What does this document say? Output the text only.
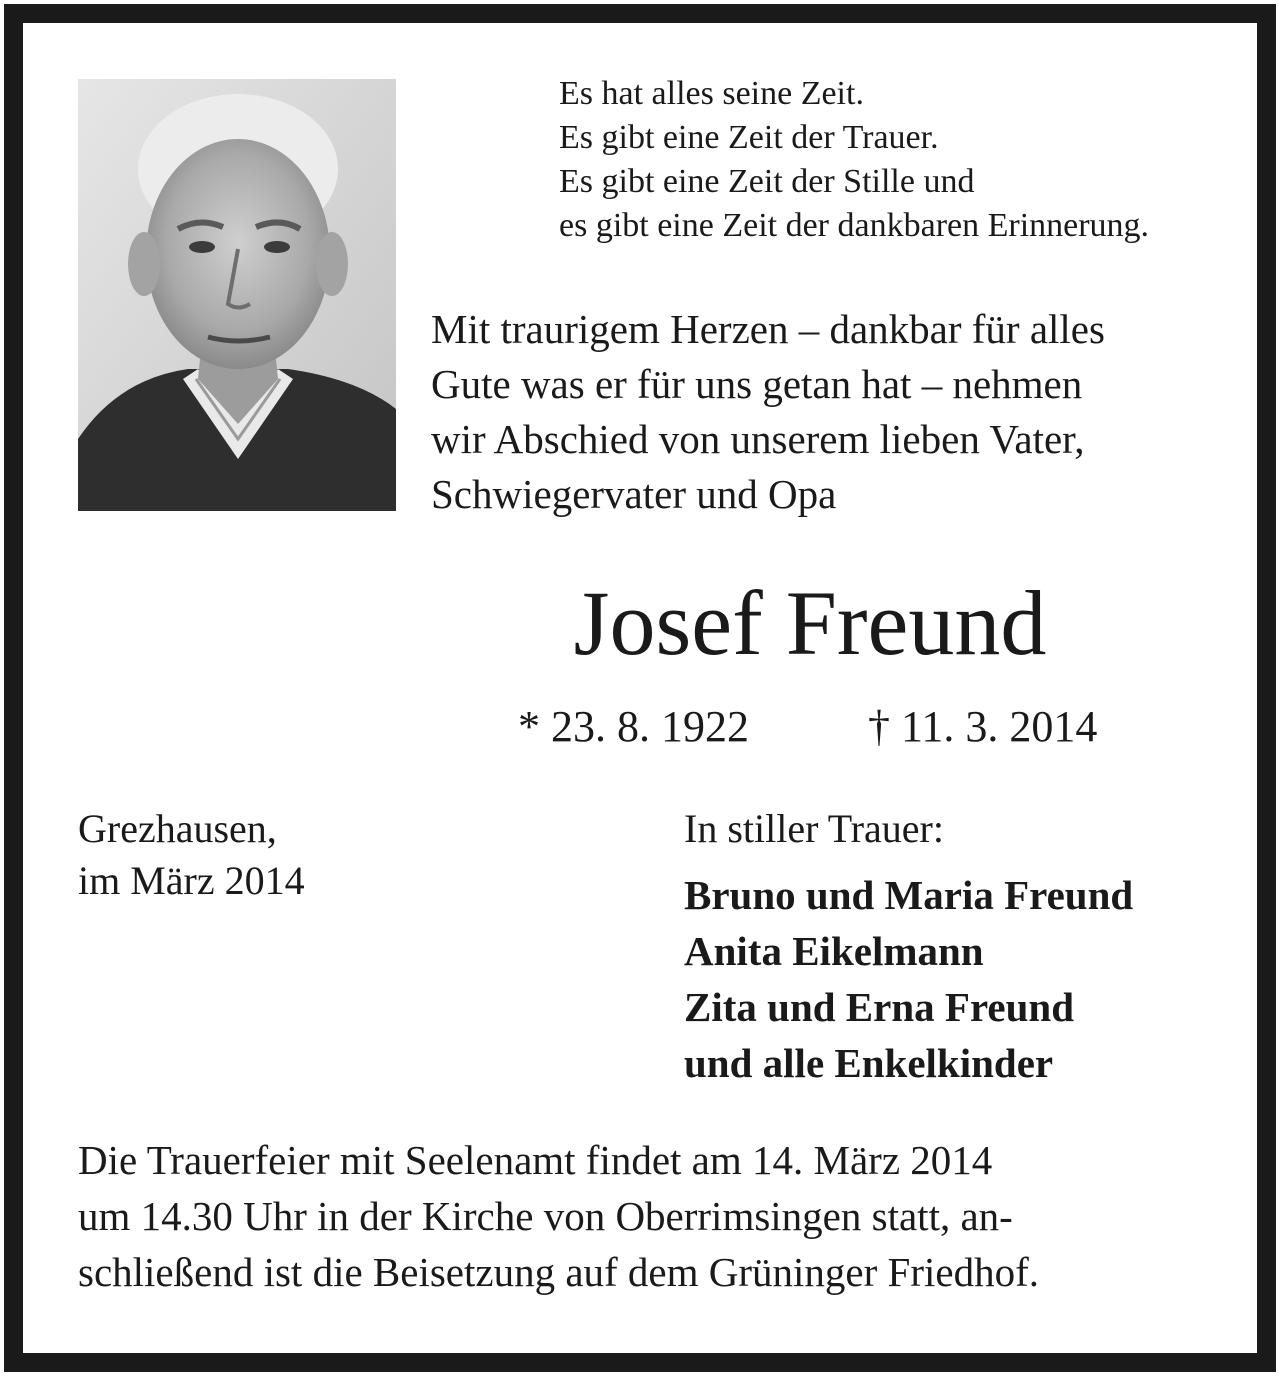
Es hat alles seine Zeit.
Es gibt eine Zeit der Trauer.
Es gibt eine Zeit der Stille und
es gibt eine Zeit der dankbaren Erinnerung.
Mit traurigem Herzen – dankbar für alles
Gute was er für uns getan hat – nehmen
wir Abschied von unserem lieben Vater,
Schwiegervater und Opa
Josef Freund
* 23. 8. 1922	† 11. 3. 2014
Grezhausen,
im März 2014
In stiller Trauer:
Bruno und Maria Freund
Anita Eikelmann
Zita und Erna Freund
und alle Enkelkinder
Die Trauerfeier mit Seelenamt findet am 14. März 2014
um 14.30 Uhr in der Kirche von Oberrimsingen statt, an-
schließend ist die Beisetzung auf dem Grüninger Friedhof.
